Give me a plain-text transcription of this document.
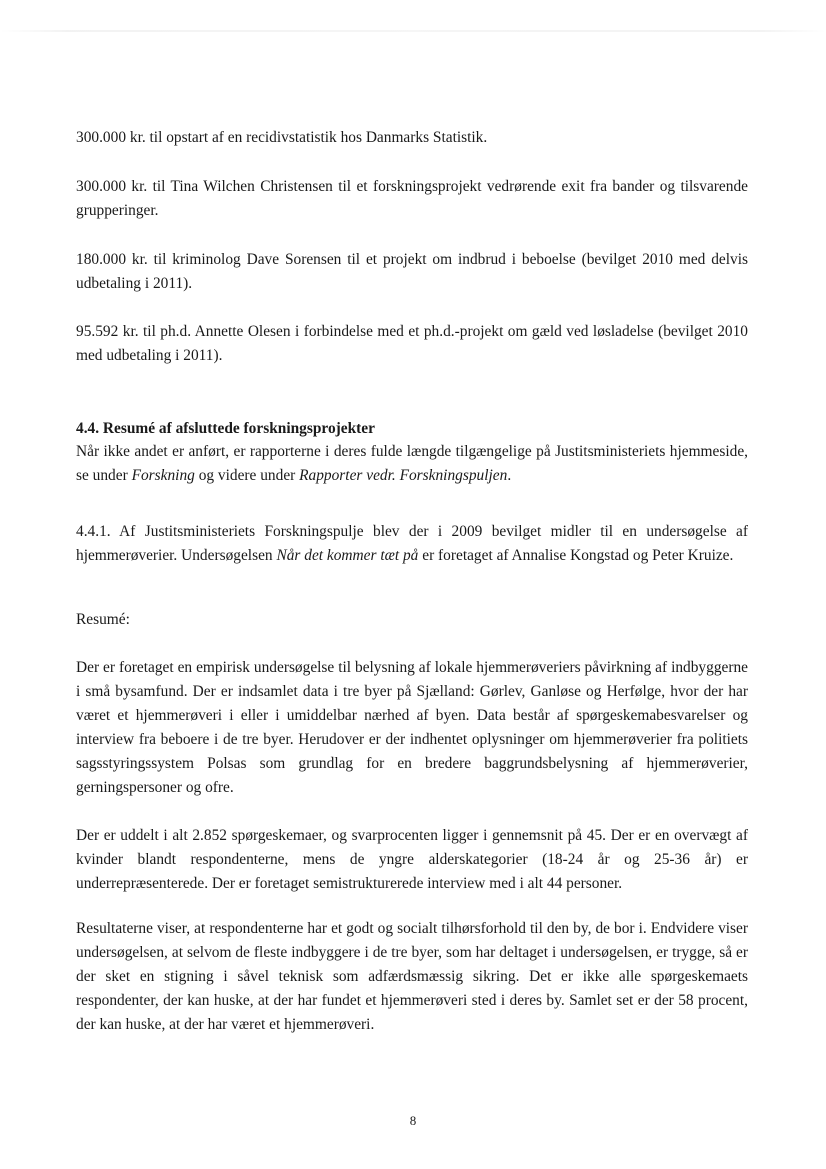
300.000 kr. til opstart af en recidivstatistik hos Danmarks Statistik.

300.000 kr. til Tina Wilchen Christensen til et forskningsprojekt vedrørende exit fra bander og tilsvarende grupperinger.

180.000 kr. til kriminolog Dave Sorensen til et projekt om indbrud i beboelse (bevilget 2010 med delvis udbetaling i 2011).

95.592 kr. til ph.d. Annette Olesen i forbindelse med et ph.d.-projekt om gæld ved løsladelse (bevilget 2010 med udbetaling i 2011).

4.4. Resumé af afsluttede forskningsprojekter

Når ikke andet er anført, er rapporterne i deres fulde længde tilgængelige på Justitsministeriets hjemmeside, se under Forskning og videre under Rapporter vedr. Forskningspuljen.

4.4.1. Af Justitsministeriets Forskningspulje blev der i 2009 bevilget midler til en undersøgelse af hjemmerøverier. Undersøgelsen Når det kommer tæt på er foretaget af Annalise Kongstad og Peter Kruize.

Resumé:

Der er foretaget en empirisk undersøgelse til belysning af lokale hjemmerøveriers påvirkning af indbyggerne i små bysamfund. Der er indsamlet data i tre byer på Sjælland: Gørlev, Ganløse og Herfølge, hvor der har været et hjemmerøveri i eller i umiddelbar nærhed af byen. Data består af spørgeskemabesvarelser og interview fra beboere i de tre byer. Herudover er der indhentet oplysninger om hjemmerøverier fra politiets sagsstyringssystem Polsas som grundlag for en bredere baggrundsbelysning af hjemmerøverier, gerningspersoner og ofre.

Der er uddelt i alt 2.852 spørgeskemaer, og svarprocenten ligger i gennemsnit på 45. Der er en overvægt af kvinder blandt respondenterne, mens de yngre alderskategorier (18-24 år og 25-36 år) er underrepræsenterede. Der er foretaget semistrukturerede interview med i alt 44 personer.

Resultaterne viser, at respondenterne har et godt og socialt tilhørsforhold til den by, de bor i. Endvidere viser undersøgelsen, at selvom de fleste indbyggere i de tre byer, som har deltaget i undersøgelsen, er trygge, så er der sket en stigning i såvel teknisk som adfærdsmæssig sikring. Det er ikke alle spørgeskemaets respondenter, der kan huske, at der har fundet et hjemmerøveri sted i deres by. Samlet set er der 58 procent, der kan huske, at der har været et hjemmerøveri.

8
